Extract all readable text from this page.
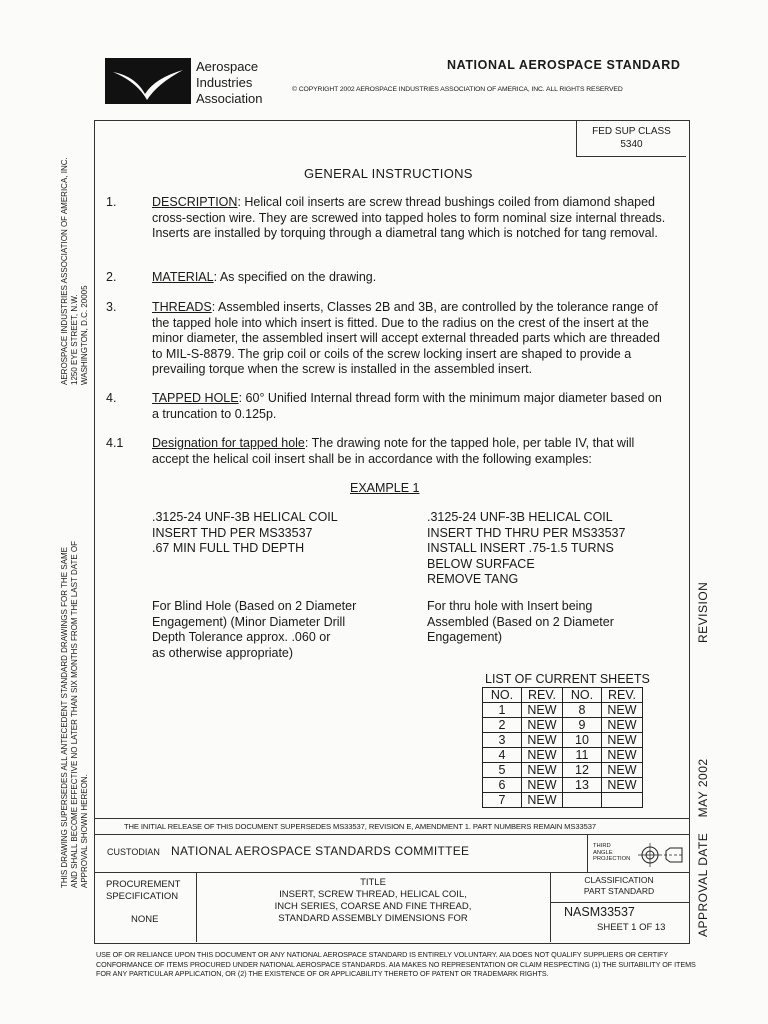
Aerospace
Industries
Association
NATIONAL AEROSPACE STANDARD
© COPYRIGHT 2002 AEROSPACE INDUSTRIES ASSOCIATION OF AMERICA, INC. ALL RIGHTS RESERVED
AEROSPACE INDUSTRIES ASSOCIATION OF AMERICA, INC. 1250 EYE STREET, N.W. WASHINGTON, D.C. 20005
THIS DRAWING SUPERSEDES ALL ANTECEDENT STANDARD DRAWINGS FOR THE SAME AND SHALL BECOME EFFECTIVE NO LATER THAN SIX MONTHS FROM THE LAST DATE OF APPROVAL SHOWN HEREON.
REVISION
APPROVAL DATE    MAY 2002
FED SUP CLASS
5340
GENERAL INSTRUCTIONS
1.	DESCRIPTION: Helical coil inserts are screw thread bushings coiled from diamond shaped cross-section wire. They are screwed into tapped holes to form nominal size internal threads. Inserts are installed by torquing through a diametral tang which is notched for tang removal.
2.	MATERIAL: As specified on the drawing.
3.	THREADS: Assembled inserts, Classes 2B and 3B, are controlled by the tolerance range of the tapped hole into which insert is fitted. Due to the radius on the crest of the insert at the minor diameter, the assembled insert will accept external threaded parts which are threaded to MIL-S-8879. The grip coil or coils of the screw locking insert are shaped to provide a prevailing torque when the screw is installed in the assembled insert.
4.	TAPPED HOLE: 60° Unified Internal thread form with the minimum major diameter based on a truncation to 0.125p.
4.1 Designation for tapped hole: The drawing note for the tapped hole, per table IV, that will accept the helical coil insert shall be in accordance with the following examples:
EXAMPLE 1
.3125-24 UNF-3B HELICAL COIL
INSERT THD PER MS33537
.67 MIN FULL THD DEPTH
.3125-24 UNF-3B HELICAL COIL
INSERT THD THRU PER MS33537
INSTALL INSERT .75-1.5 TURNS
BELOW SURFACE
REMOVE TANG
For Blind Hole (Based on 2 Diameter
Engagement) (Minor Diameter Drill
Depth Tolerance approx. .060 or
as otherwise appropriate)
For thru hole with Insert being
Assembled (Based on 2 Diameter
Engagement)
LIST OF CURRENT SHEETS
NO.	REV.	NO.	REV.
1	NEW	8	NEW
2	NEW	9	NEW
3	NEW	10	NEW
4	NEW	11	NEW
5	NEW	12	NEW
6	NEW	13	NEW
7	NEW		
THE INITIAL RELEASE OF THIS DOCUMENT SUPERSEDES MS33537, REVISION E, AMENDMENT 1. PART NUMBERS REMAIN MS33537
CUSTODIAN NATIONAL AEROSPACE STANDARDS COMMITTEE	THIRD
ANGLE
PROJECTION
PROCUREMENT
SPECIFICATION
NONE
TITLE
INSERT, SCREW THREAD, HELICAL COIL,
INCH SERIES, COARSE AND FINE THREAD,
STANDARD ASSEMBLY DIMENSIONS FOR
CLASSIFICATION
PART STANDARD
NASM33537
SHEET 1 OF 13
USE OF OR RELIANCE UPON THIS DOCUMENT OR ANY NATIONAL AEROSPACE STANDARD IS ENTIRELY VOLUNTARY. AIA DOES NOT QUALIFY SUPPLIERS OR CERTIFY CONFORMANCE OF ITEMS PROCURED UNDER NATIONAL AEROSPACE STANDARDS. AIA MAKES NO REPRESENTATION OR CLAIM RESPECTING (1) THE SUITABILITY OF ITEMS FOR ANY PARTICULAR APPLICATION, OR (2) THE EXISTENCE OF OR APPLICABILITY THERETO OF PATENT OR TRADEMARK RIGHTS.
